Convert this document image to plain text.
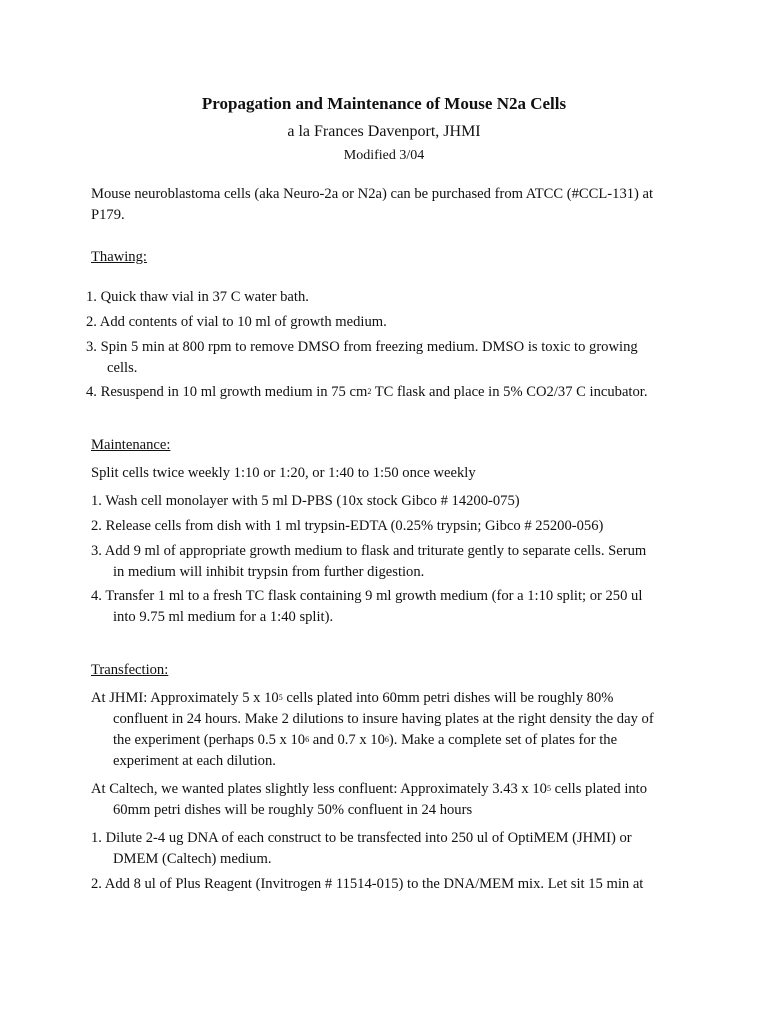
Propagation and Maintenance of Mouse N2a Cells
a la Frances Davenport, JHMI
Modified 3/04
Mouse neuroblastoma cells (aka Neuro-2a or N2a) can be purchased from ATCC (#CCL-131) at
P179.
Thawing:
1. Quick thaw vial in 37 C water bath.
2. Add contents of vial to 10 ml of growth medium.
3. Spin 5 min at 800 rpm to remove DMSO from freezing medium. DMSO is toxic to growing
cells.
4. Resuspend in 10 ml growth medium in 75 $cm^2$ TC flask and place in 5% CO2/37 C incubator.
Maintenance:
Split cells twice weekly 1:10 or 1:20, or 1:40 to 1:50 once weekly
1. Wash cell monolayer with 5 ml D-PBS (10x stock Gibco # 14200-075)
2. Release cells from dish with 1 ml trypsin-EDTA (0.25% trypsin; Gibco # 25200-056)
3. Add 9 ml of appropriate growth medium to flask and triturate gently to separate cells. Serum
in medium will inhibit trypsin from further digestion.
4. Transfer 1 ml to a fresh TC flask containing 9 ml growth medium (for a 1:10 split; or 250 ul
into 9.75 ml medium for a 1:40 split).
Transfection:
At JHMI: Approximately 5 x $10^5$ cells plated into 60mm petri dishes will be roughly 80%
confluent in 24 hours. Make 2 dilutions to insure having plates at the right density the day of
the experiment (perhaps 0.5 x $10^6$ and 0.7 x $10^6$). Make a complete set of plates for the
experiment at each dilution.
At Caltech, we wanted plates slightly less confluent: Approximately 3.43 x $10^5$ cells plated into
60mm petri dishes will be roughly 50% confluent in 24 hours
1. Dilute 2-4 ug DNA of each construct to be transfected into 250 ul of OptiMEM (JHMI) or
DMEM (Caltech) medium.
2. Add 8 ul of Plus Reagent (Invitrogen # 11514-015) to the DNA/MEM mix. Let sit 15 min at
